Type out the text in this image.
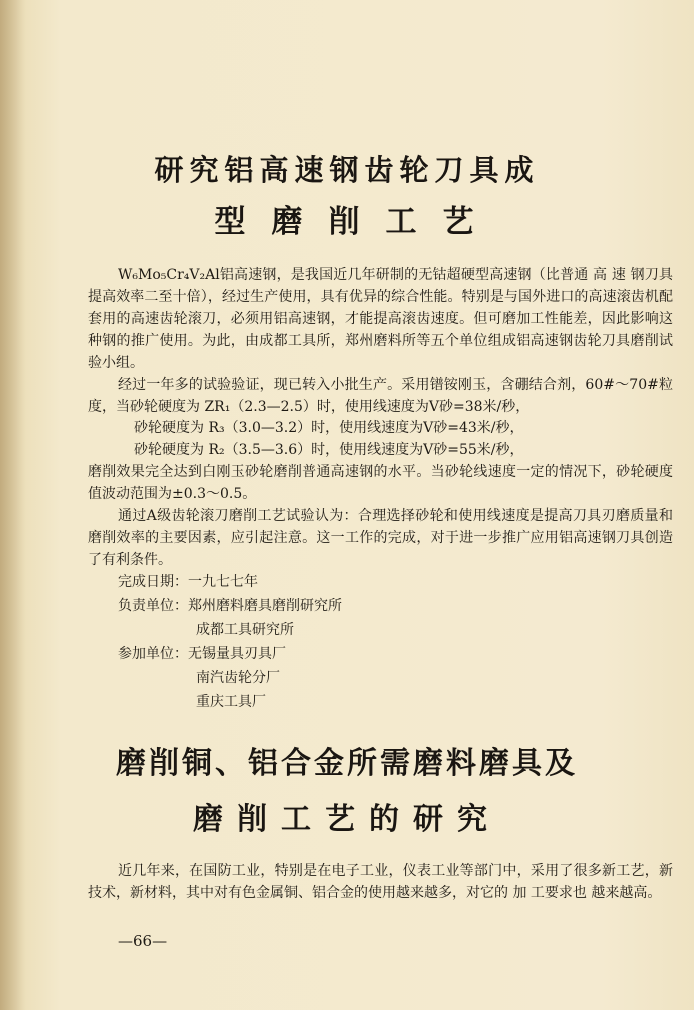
研究铝高速钢齿轮刀具成
型磨削工艺

W₆Mo₅Cr₄V₂Al铝高速钢，是我国近几年研制的无钴超硬型高速钢（比普通 高 速 钢刀具提高效率二至十倍），经过生产使用，具有优异的综合性能。特别是与国外进口的高速滚齿机配套用的高速齿轮滚刀，必须用铝高速钢，才能提高滚齿速度。但可磨加工性能差，因此影响这种钢的推广使用。为此，由成都工具所，郑州磨料所等五个单位组成铝高速钢齿轮刀具磨削试验小组。

经过一年多的试验验证，现已转入小批生产。采用镨铵刚玉，含硼结合剂，60#～70#粒度，当砂轮硬度为 ZR₁（2.3—2.5）时，使用线速度为V砂=38米/秒，

砂轮硬度为 R₃（3.0—3.2）时，使用线速度为V砂=43米/秒，

砂轮硬度为 R₂（3.5—3.6）时，使用线速度为V砂=55米/秒，

磨削效果完全达到白刚玉砂轮磨削普通高速钢的水平。当砂轮线速度一定的情况下，砂轮硬度值波动范围为±0.3～0.5。

通过A级齿轮滚刀磨削工艺试验认为：合理选择砂轮和使用线速度是提高刀具刃磨质量和磨削效率的主要因素，应引起注意。这一工作的完成，对于进一步推广应用铝高速钢刀具创造了有利条件。

完成日期：一九七七年

负责单位：郑州磨料磨具磨削研究所

成都工具研究所

参加单位：无锡量具刃具厂

南汽齿轮分厂

重庆工具厂

磨削铜、铝合金所需磨料磨具及
磨削工艺的研究

近几年来，在国防工业，特别是在电子工业，仪表工业等部门中，采用了很多新工艺，新技术，新材料，其中对有色金属铜、铝合金的使用越来越多，对它的 加 工要求也 越来越高。

—66—
